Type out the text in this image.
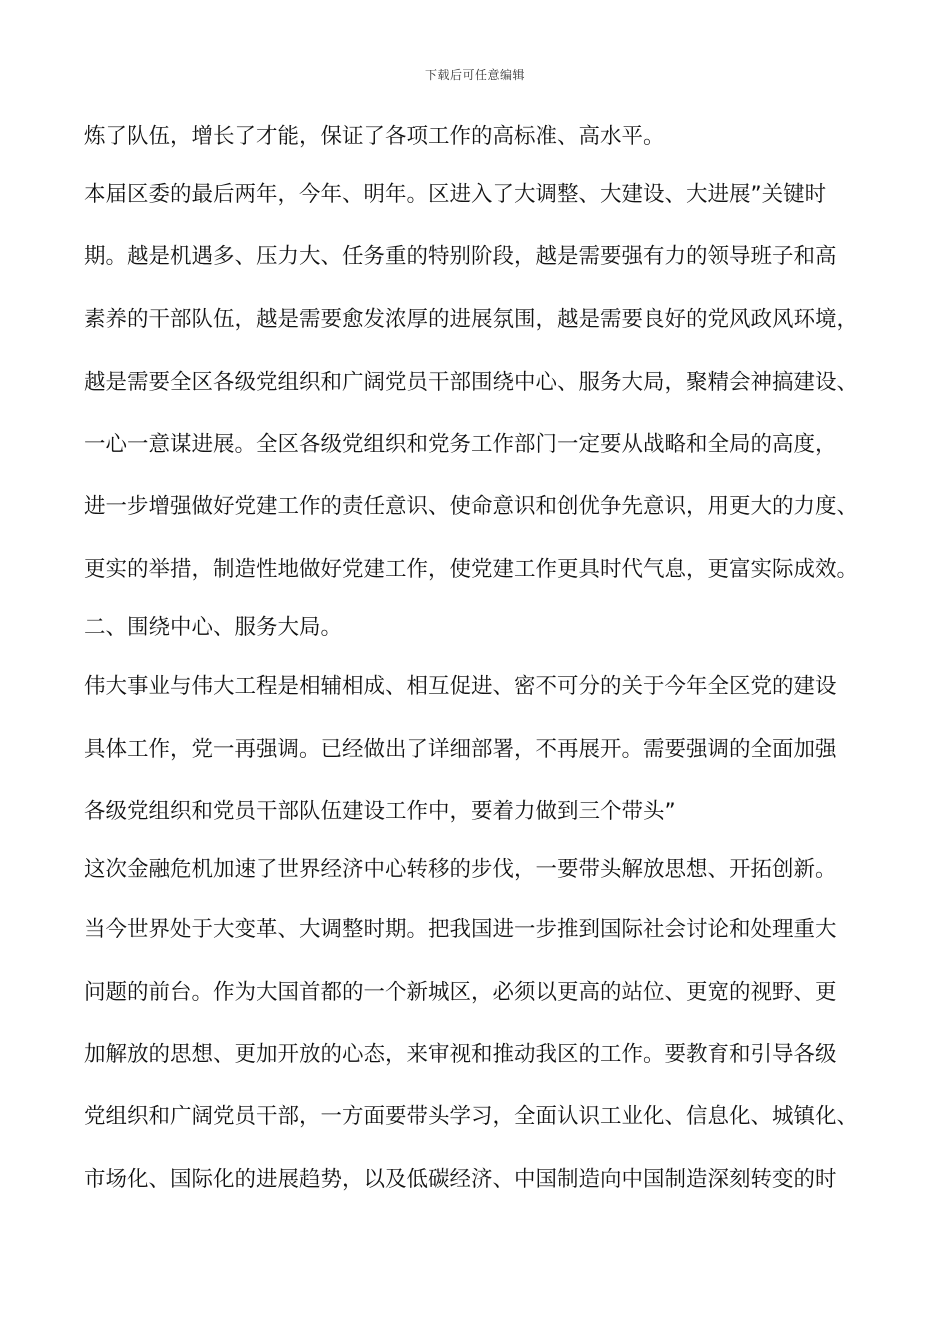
下载后可任意编辑
炼了队伍，增长了才能，保证了各项工作的高标准、高水平。
本届区委的最后两年，今年、明年。区进入了大调整、大建设、大进展”关键时
期。越是机遇多、压力大、任务重的特别阶段，越是需要强有力的领导班子和高
素养的干部队伍，越是需要愈发浓厚的进展氛围，越是需要良好的党风政风环境，
越是需要全区各级党组织和广阔党员干部围绕中心、服务大局，聚精会神搞建设、
一心一意谋进展。全区各级党组织和党务工作部门一定要从战略和全局的高度，
进一步增强做好党建工作的责任意识、使命意识和创优争先意识，用更大的力度、
更实的举措，制造性地做好党建工作，使党建工作更具时代气息，更富实际成效。
二、围绕中心、服务大局。
伟大事业与伟大工程是相辅相成、相互促进、密不可分的关于今年全区党的建设
具体工作，党一再强调。已经做出了详细部署，不再展开。需要强调的全面加强
各级党组织和党员干部队伍建设工作中，要着力做到三个带头”
这次金融危机加速了世界经济中心转移的步伐，一要带头解放思想、开拓创新。
当今世界处于大变革、大调整时期。把我国进一步推到国际社会讨论和处理重大
问题的前台。作为大国首都的一个新城区，必须以更高的站位、更宽的视野、更
加解放的思想、更加开放的心态，来审视和推动我区的工作。要教育和引导各级
党组织和广阔党员干部，一方面要带头学习，全面认识工业化、信息化、城镇化、
市场化、国际化的进展趋势，以及低碳经济、中国制造向中国制造深刻转变的时
